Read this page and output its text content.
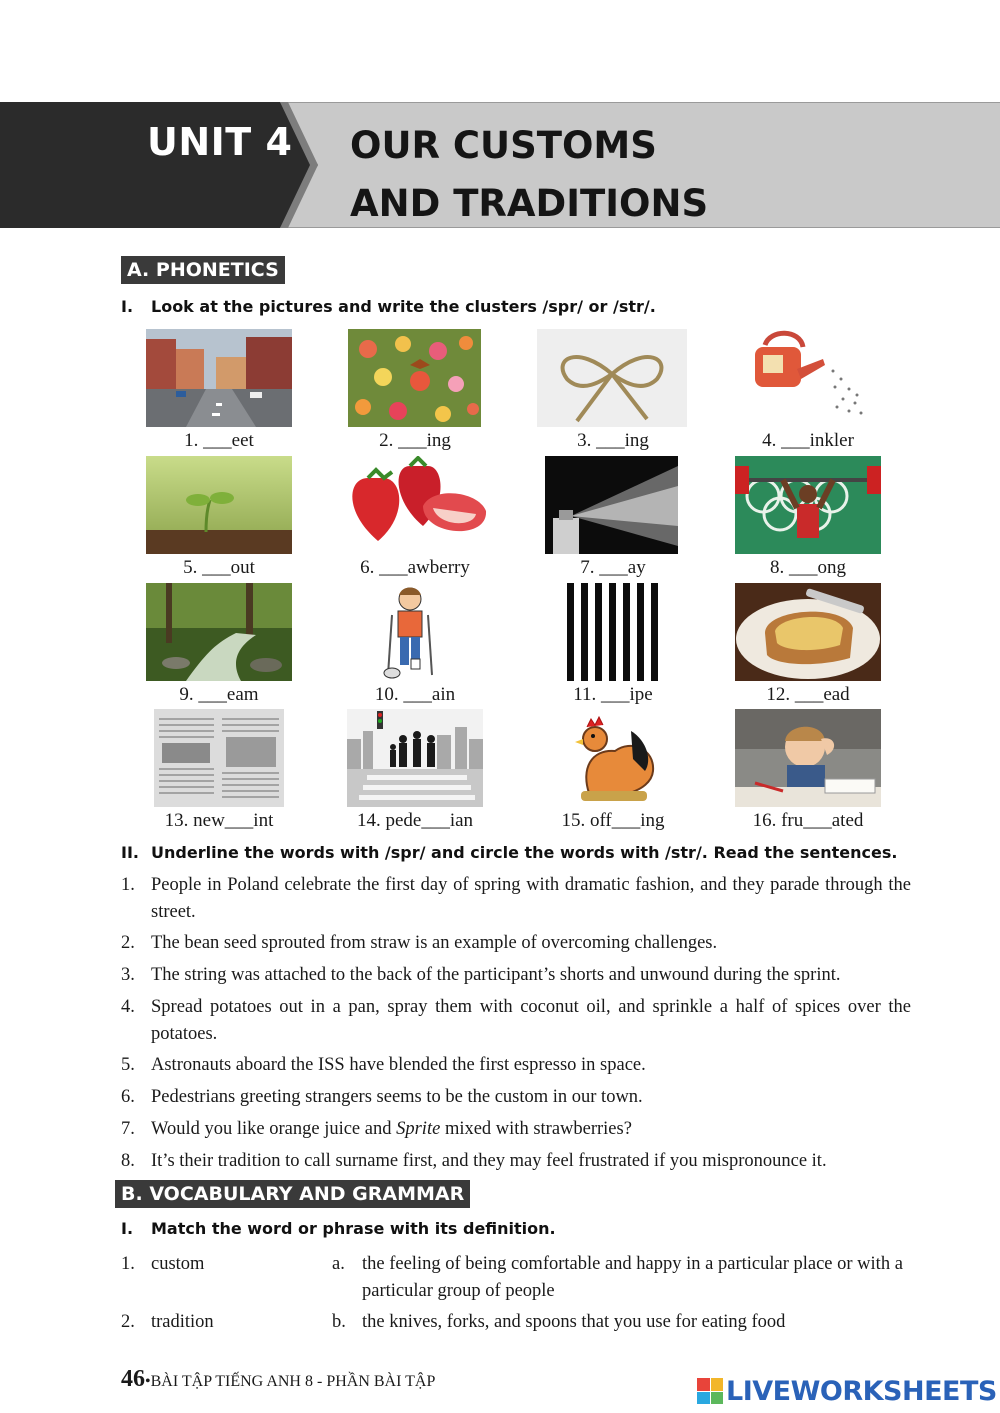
UNIT 4 OUR CUSTOMS
AND TRADITIONS
A. PHONETICS
I. Look at the pictures and write the clusters /spr/ or /str/.
1. ___eet	2. ___ing	3. ___ing	4. ___inkler
5. ___out	6. ___awberry	7. ___ay	8. ___ong
9. ___eam	10. ___ain	11. ___ipe	12. ___ead
13. new___int	14. pede___ian	15. off___ing	16. fru___ated
II. Underline the words with /spr/ and circle the words with /str/. Read the sentences.
1. People in Poland celebrate the first day of spring with dramatic fashion, and they parade through the street.
2. The bean seed sprouted from straw is an example of overcoming challenges.
3. The string was attached to the back of the participant’s shorts and unwound during the sprint.
4. Spread potatoes out in a pan, spray them with coconut oil, and sprinkle a half of spices over the potatoes.
5. Astronauts aboard the ISS have blended the first espresso in space.
6. Pedestrians greeting strangers seems to be the custom in our town.
7. Would you like orange juice and Sprite mixed with strawberries?
8. It’s their tradition to call surname first, and they may feel frustrated if you mispronounce it.
B. VOCABULARY AND GRAMMAR
I. Match the word or phrase with its definition.
1. custom	a. the feeling of being comfortable and happy in a particular place or with a particular group of people
2. tradition	b. the knives, forks, and spoons that you use for eating food
46•BÀI TẬP TIẾNG ANH 8 - PHẦN BÀI TẬP	LIVEWORKSHEETS
